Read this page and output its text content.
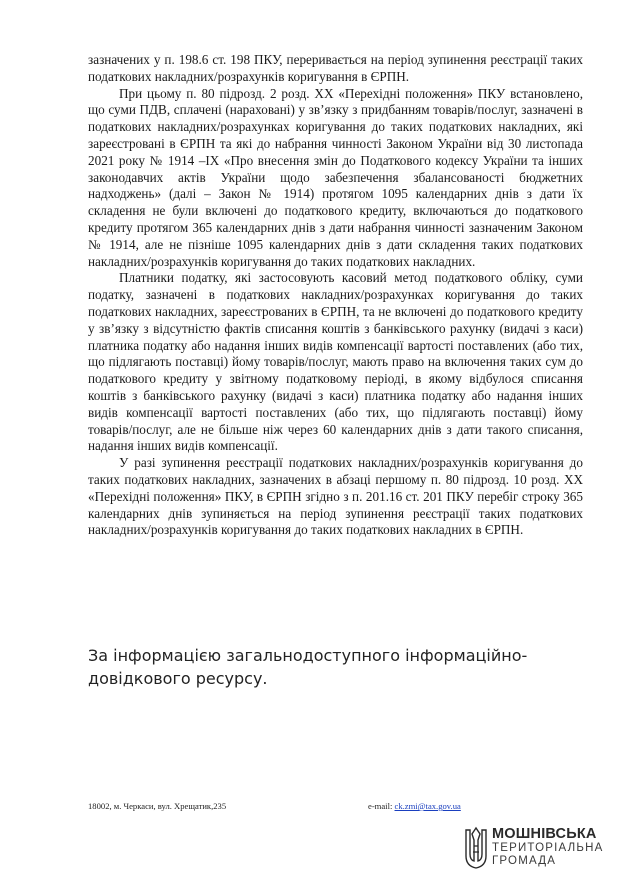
зазначених у п. 198.6 ст. 198 ПКУ, переривається на період зупинення реєстрації таких податкових накладних/розрахунків коригування в ЄРПН.

При цьому п. 80 підрозд. 2 розд. ХХ «Перехідні положення» ПКУ встановлено, що суми ПДВ, сплачені (нараховані) у зв’язку з придбанням товарів/послуг, зазначені в податкових накладних/розрахунках коригування до таких податкових накладних, які зареєстровані в ЄРПН та які до набрання чинності Законом України від 30 листопада 2021 року № 1914 –IX «Про внесення змін до Податкового кодексу України та інших законодавчих актів України щодо забезпечення збалансованості бюджетних надходжень» (далі – Закон № 1914) протягом 1095 календарних днів з дати їх складення не були включені до податкового кредиту, включаються до податкового кредиту протягом 365 календарних днів з дати набрання чинності зазначеним Законом № 1914, але не пізніше 1095 календарних днів з дати складення таких податкових накладних/розрахунків коригування до таких податкових накладних.

Платники податку, які застосовують касовий метод податкового обліку, суми податку, зазначені в податкових накладних/розрахунках коригування до таких податкових накладних, зареєстрованих в ЄРПН, та не включені до податкового кредиту у зв’язку з відсутністю фактів списання коштів з банківського рахунку (видачі з каси) платника податку або надання інших видів компенсації вартості поставлених (або тих, що підлягають поставці) йому товарів/послуг, мають право на включення таких сум до податкового кредиту у звітному податковому періоді, в якому відбулося списання коштів з банківського рахунку (видачі з каси) платника податку або надання інших видів компенсації вартості поставлених (або тих, що підлягають поставці) йому товарів/послуг, але не більше ніж через 60 календарних днів з дати такого списання, надання інших видів компенсації.

У разі зупинення реєстрації податкових накладних/розрахунків коригування до таких податкових накладних, зазначених в абзаці першому п. 80 підрозд. 10 розд. ХХ «Перехідні положення» ПКУ, в ЄРПН згідно з п. 201.16 ст. 201 ПКУ перебіг строку 365 календарних днів зупиняється на період зупинення реєстрації таких податкових накладних/розрахунків коригування до таких податкових накладних в ЄРПН.

За інформацією загальнодоступного інформаційно-довідкового ресурсу.
18002, м. Черкаси, вул. Хрещатик,235	e-mail: ck.zmi@tax.gov.ua
МОШНІВСЬКА
ТЕРИТОРІАЛЬНА
ГРОМАДА
